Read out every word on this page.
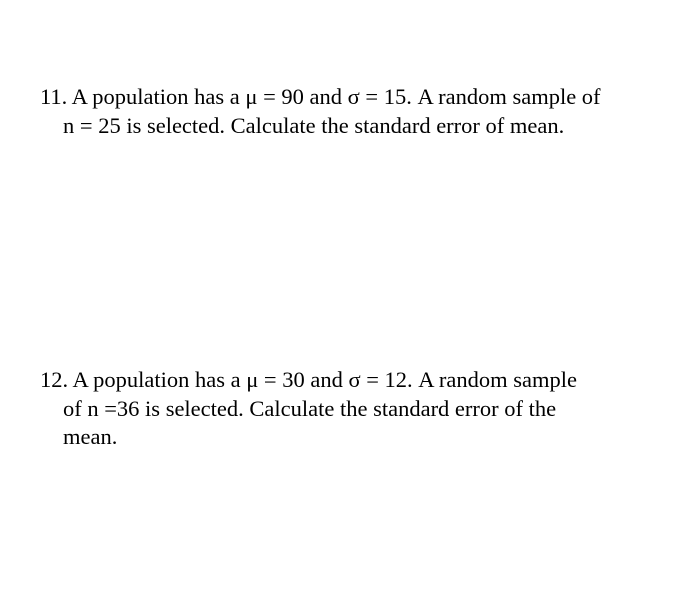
11. A population has a μ = 90 and σ = 15. A random sample of
n = 25 is selected. Calculate the standard error of mean.
12. A population has a μ = 30 and σ = 12. A random sample
of n =36 is selected. Calculate the standard error of the
mean.
